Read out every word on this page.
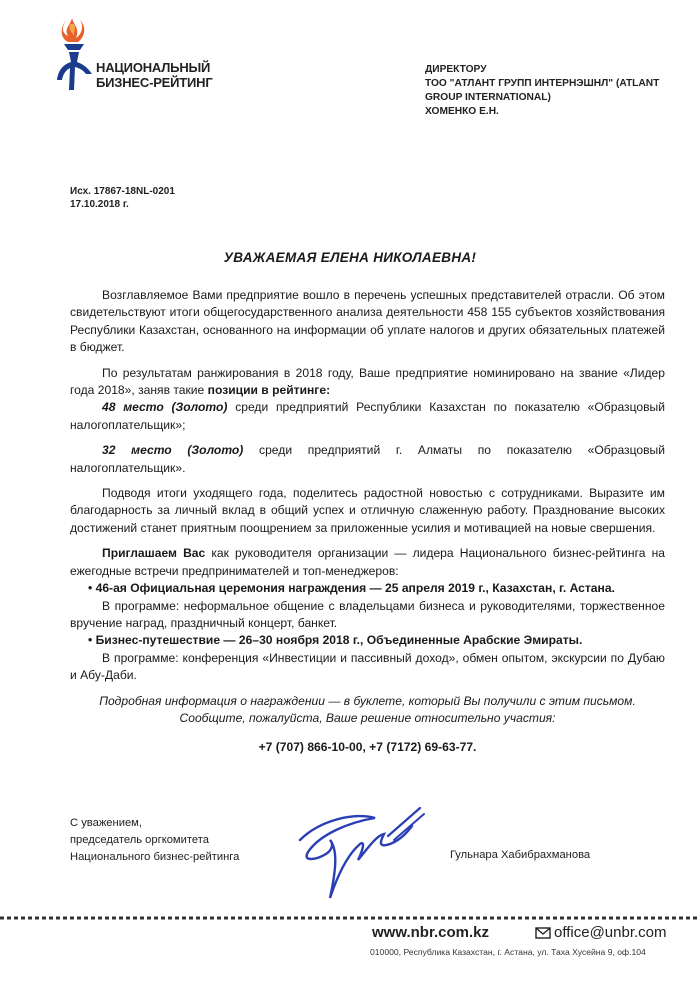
НАЦИОНАЛЬНЫЙ
БИЗНЕС-РЕЙТИНГ
ДИРЕКТОРУ
ТОО "АТЛАНТ ГРУПП ИНТЕРНЭШНЛ" (ATLANT
GROUP INTERNATIONAL)
ХОМЕНКО Е.Н.
Исх. 17867-18NL-0201
17.10.2018 г.
УВАЖАЕМАЯ ЕЛЕНА НИКОЛАЕВНА!

Возглавляемое Вами предприятие вошло в перечень успешных представителей отрасли. Об этом свидетельствуют итоги общегосударственного анализа деятельности 458 155 субъектов хозяйствования Республики Казахстан, основанного на информации об уплате налогов и других обязательных платежей в бюджет.

По результатам ранжирования в 2018 году, Ваше предприятие номинировано на звание «Лидер года 2018», заняв такие позиции в рейтинге:

48 место (Золото) среди предприятий Республики Казахстан по показателю «Образцовый налогоплательщик»;

32 место (Золото) среди предприятий г. Алматы по показателю «Образцовый налогоплательщик».

Подводя итоги уходящего года, поделитесь радостной новостью с сотрудниками. Выразите им благодарность за личный вклад в общий успех и отличную слаженную работу. Празднование высоких достижений станет приятным поощрением за приложенные усилия и мотивацией на новые свершения.

Приглашаем Вас как руководителя организации — лидера Национального бизнес-рейтинга на ежегодные встречи предпринимателей и топ-менеджеров:

• 46-ая Официальная церемония награждения — 25 апреля 2019 г., Казахстан, г. Астана.

В программе: неформальное общение с владельцами бизнеса и руководителями, торжественное вручение наград, праздничный концерт, банкет.

• Бизнес-путешествие — 26–30 ноября 2018 г., Объединенные Арабские Эмираты.

В программе: конференция «Инвестиции и пассивный доход», обмен опытом, экскурсии по Дубаю и Абу-Даби.

Подробная информация о награждении — в буклете, который Вы получили с этим письмом.

Сообщите, пожалуйста, Ваше решение относительно участия:

+7 (707) 866-10-00, +7 (7172) 69-63-77.

С уважением,
председатель оргкомитета
Национального бизнес-рейтинга	Гульнара Хабибрахманова
www.nbr.com.kz	office@unbr.com
010000, Республика Казахстан, г. Астана, ул. Таха Хусейна 9, оф.104
